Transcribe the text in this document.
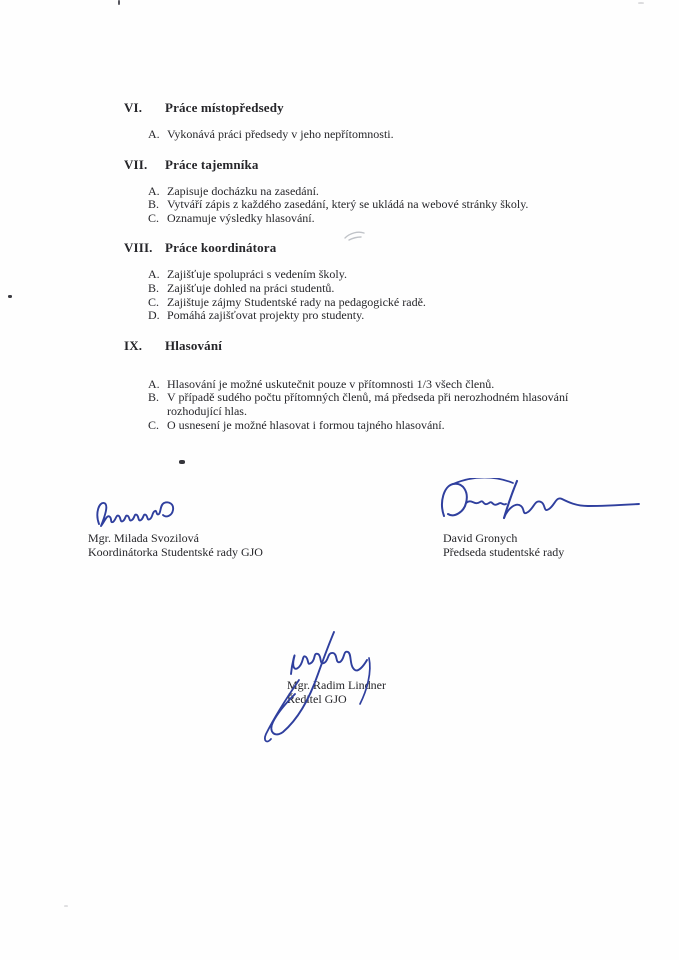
VI.	Práce místopředsedy
A. Vykonává práci předsedy v jeho nepřítomnosti.
VII.	Práce tajemníka
A. Zapisuje docházku na zasedání.
B. Vytváří zápis z každého zasedání, který se ukládá na webové stránky školy.
C. Oznamuje výsledky hlasování.
VIII. Práce koordinátora
A. Zajišťuje spolupráci s vedením školy.
B. Zajišťuje dohled na práci studentů.
C. Zajištuje zájmy Studentské rady na pedagogické radě.
D. Pomáhá zajišťovat projekty pro studenty.
IX.	Hlasování
A. Hlasování je možné uskutečnit pouze v přítomnosti 1/3 všech členů.
B. V případě sudého počtu přítomných členů, má předseda při nerozhodném hlasování rozhodující hlas.
C. O usnesení je možné hlasovat i formou tajného hlasování.
Mgr. Milada Svozilová
Koordinátorka Studentské rady GJO
David Gronych
Předseda studentské rady
Mgr. Radim Lindner
Ředitel GJO
